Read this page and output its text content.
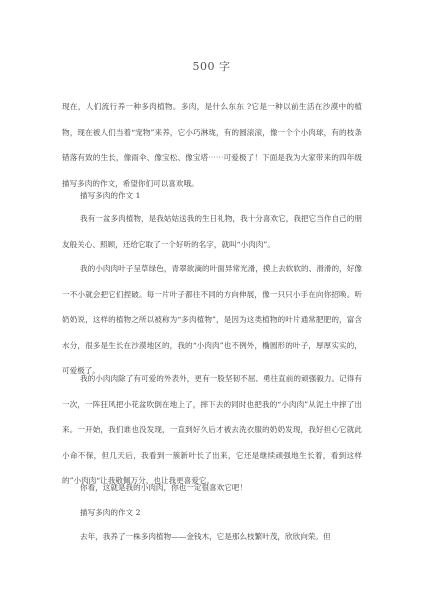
500 字

现在，人们流行养一种多肉植物。多肉，是什么东东 ?它是一种以前生活在沙漠中的植物，现在被人们当着“宠物”来养，它小巧淋珑，有的圆滚滚，像一个个小肉球，有的枝条错落有致的生长，像雨伞、像宝松、像宝塔⋯⋯可爱极了！下面是我为大家带来的四年级描写多肉的作文，希望你们可以喜欢哦。

描写多肉的作文 1

我有一盆多肉植物，是我姑姑送我的生日礼物，我十分喜欢它，我把它当作自己的朋友般关心、照顾，还给它取了一个好听的名字，就叫“小肉肉”。

我的小肉肉叶子呈草绿色，青翠欲滴的叶面异常光滑，摸上去软软的、滑滑的，好像一不小就会把它们捏破。每一片叶子都往不同的方向伸展，像一只只小手在向你招唤。听奶奶说，这样的植物之所以被称为“多肉植物”，是因为这类植物的叶片通常肥肥的，富含水分，很多是生长在沙漠地区的，我的“小肉肉”也不例外，椭圆形的叶子，厚厚实实的，可爱极了。

我的小肉肉除了有可爱的外表外，更有一股坚韧不屈、勇往直前的顽强毅力。记得有一次，一阵狂风把小花盆吹倒在地上了，摔下去的同时也把我的“小肉肉”从泥土中摔了出来。一开始，我们谁也没发现，一直到好久后才被去洗衣服的奶奶发现，我好担心它就此小命不保，但几天后，我看到一簇新叶长了出来，它还是继续顽强地生长着，看到这样的”小肉肉“让我敬佩万分，也让我更喜爱它。

你看，这就是我的小肉肉，你也一定很喜欢它吧！

描写多肉的作文 2

去年，我养了一株多肉植物——金钱木，它是那么枝繁叶茂，欣欣向荣。但
